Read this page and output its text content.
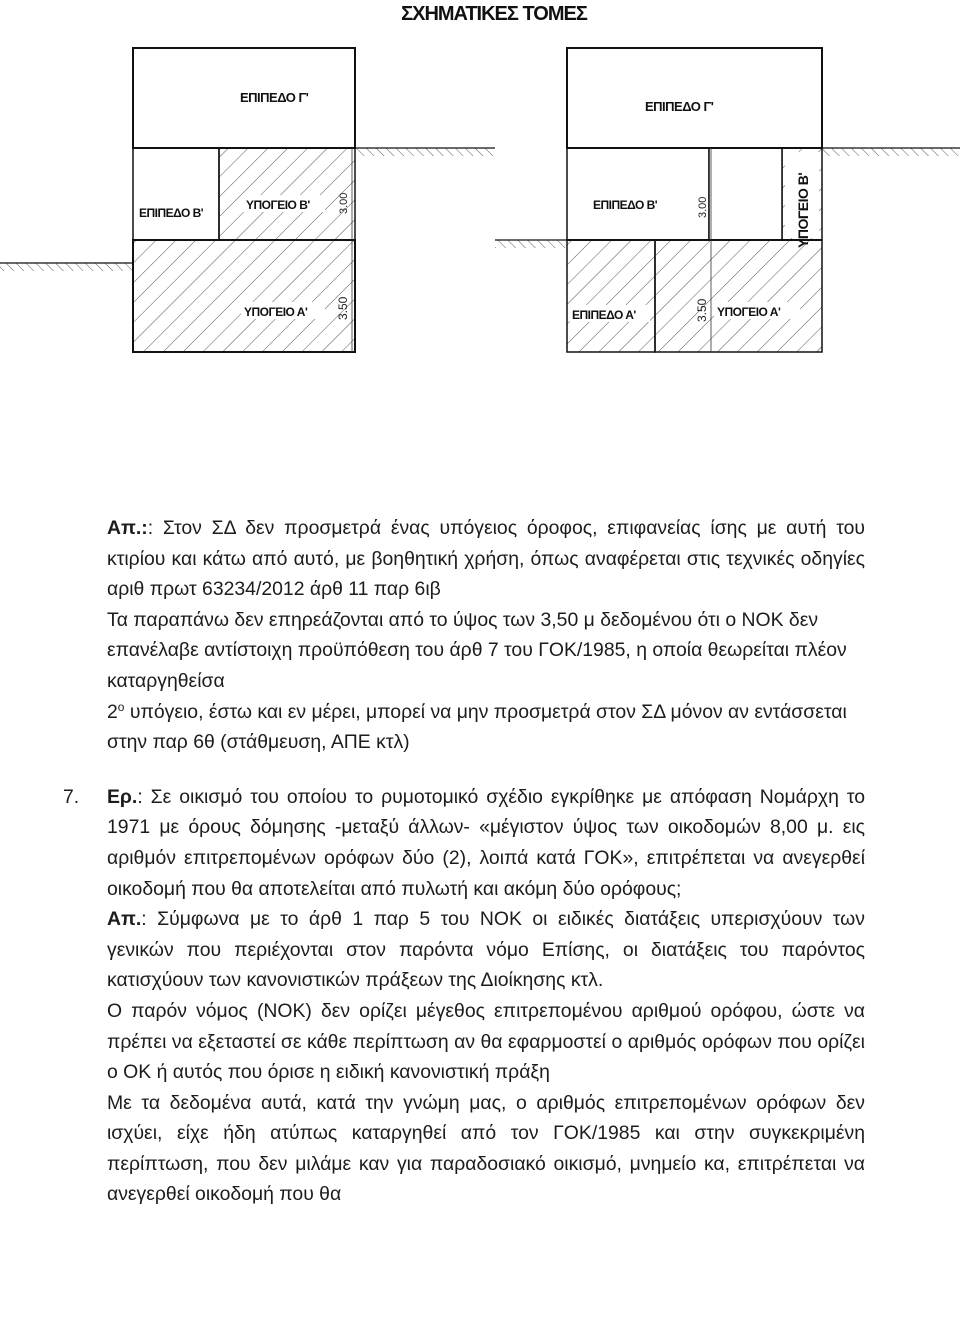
ΣΧΗΜΑΤΙΚΕΣ ΤΟΜΕΣ
ΕΠΙΠΕΔΟ Γ'
ΕΠΙΠΕΔΟ Β'
ΥΠΟΓΕΙΟ Β'
ΥΠΟΓΕΙΟ Α'
3.00
3.50
ΕΠΙΠΕΔΟ Γ'
ΕΠΙΠΕΔΟ Β'	ΥΠΟΓΕΙΟ Β'
ΕΠΙΠΕΔΟ Α'	ΥΠΟΓΕΙΟ Α'
3.00
3.50

Απ.:: Στον ΣΔ δεν προσμετρά ένας υπόγειος όροφος, επιφανείας ίσης με αυτή του κτιρίου και κάτω από αυτό, με βοηθητική χρήση, όπως αναφέρεται στις τεχνικές οδηγίες αριθ πρωτ 63234/2012 άρθ 11 παρ 6ιβ

Τα παραπάνω δεν επηρεάζονται από το ύψος των 3,50 μ δεδομένου ότι ο ΝΟΚ δεν επανέλαβε αντίστοιχη προϋπόθεση του άρθ 7 του ΓΟΚ/1985, η οποία θεωρείται πλέον καταργηθείσα

$2^o$ υπόγειο, έστω και εν μέρει, μπορεί να μην προσμετρά στον ΣΔ μόνον αν εντάσσεται στην παρ 6θ (στάθμευση, ΑΠΕ κτλ)

7. Ερ.: Σε οικισμό του οποίου το ρυμοτομικό σχέδιο εγκρίθηκε με απόφαση Νομάρχη το 1971 με όρους δόμησης -μεταξύ άλλων- «μέγιστον ύψος των οικοδομών 8,00 μ. εις αριθμόν επιτρεπομένων ορόφων δύο (2), λοιπά κατά ΓΟΚ», επιτρέπεται να ανεγερθεί οικοδομή που θα αποτελείται από πυλωτή και ακόμη δύο ορόφους;

Απ.: Σύμφωνα με το άρθ 1 παρ 5 του ΝΟΚ οι ειδικές διατάξεις υπερισχύουν των γενικών που περιέχονται στον παρόντα νόμο Επίσης, οι διατάξεις του παρόντος κατισχύουν των κανονιστικών πράξεων της Διοίκησης κτλ.

Ο παρόν νόμος (ΝΟΚ) δεν ορίζει μέγεθος επιτρεπομένου αριθμού ορόφου, ώστε να πρέπει να εξεταστεί σε κάθε περίπτωση αν θα εφαρμοστεί ο αριθμός ορόφων που ορίζει ο ΟΚ ή αυτός που όρισε η ειδική κανονιστική πράξη

Με τα δεδομένα αυτά, κατά την γνώμη μας, ο αριθμός επιτρεπομένων ορόφων δεν ισχύει, είχε ήδη ατύπως καταργηθεί από τον ΓΟΚ/1985 και στην συγκεκριμένη περίπτωση, που δεν μιλάμε καν για παραδοσιακό οικισμό, μνημείο κα, επιτρέπεται να ανεγερθεί οικοδομή που θα
